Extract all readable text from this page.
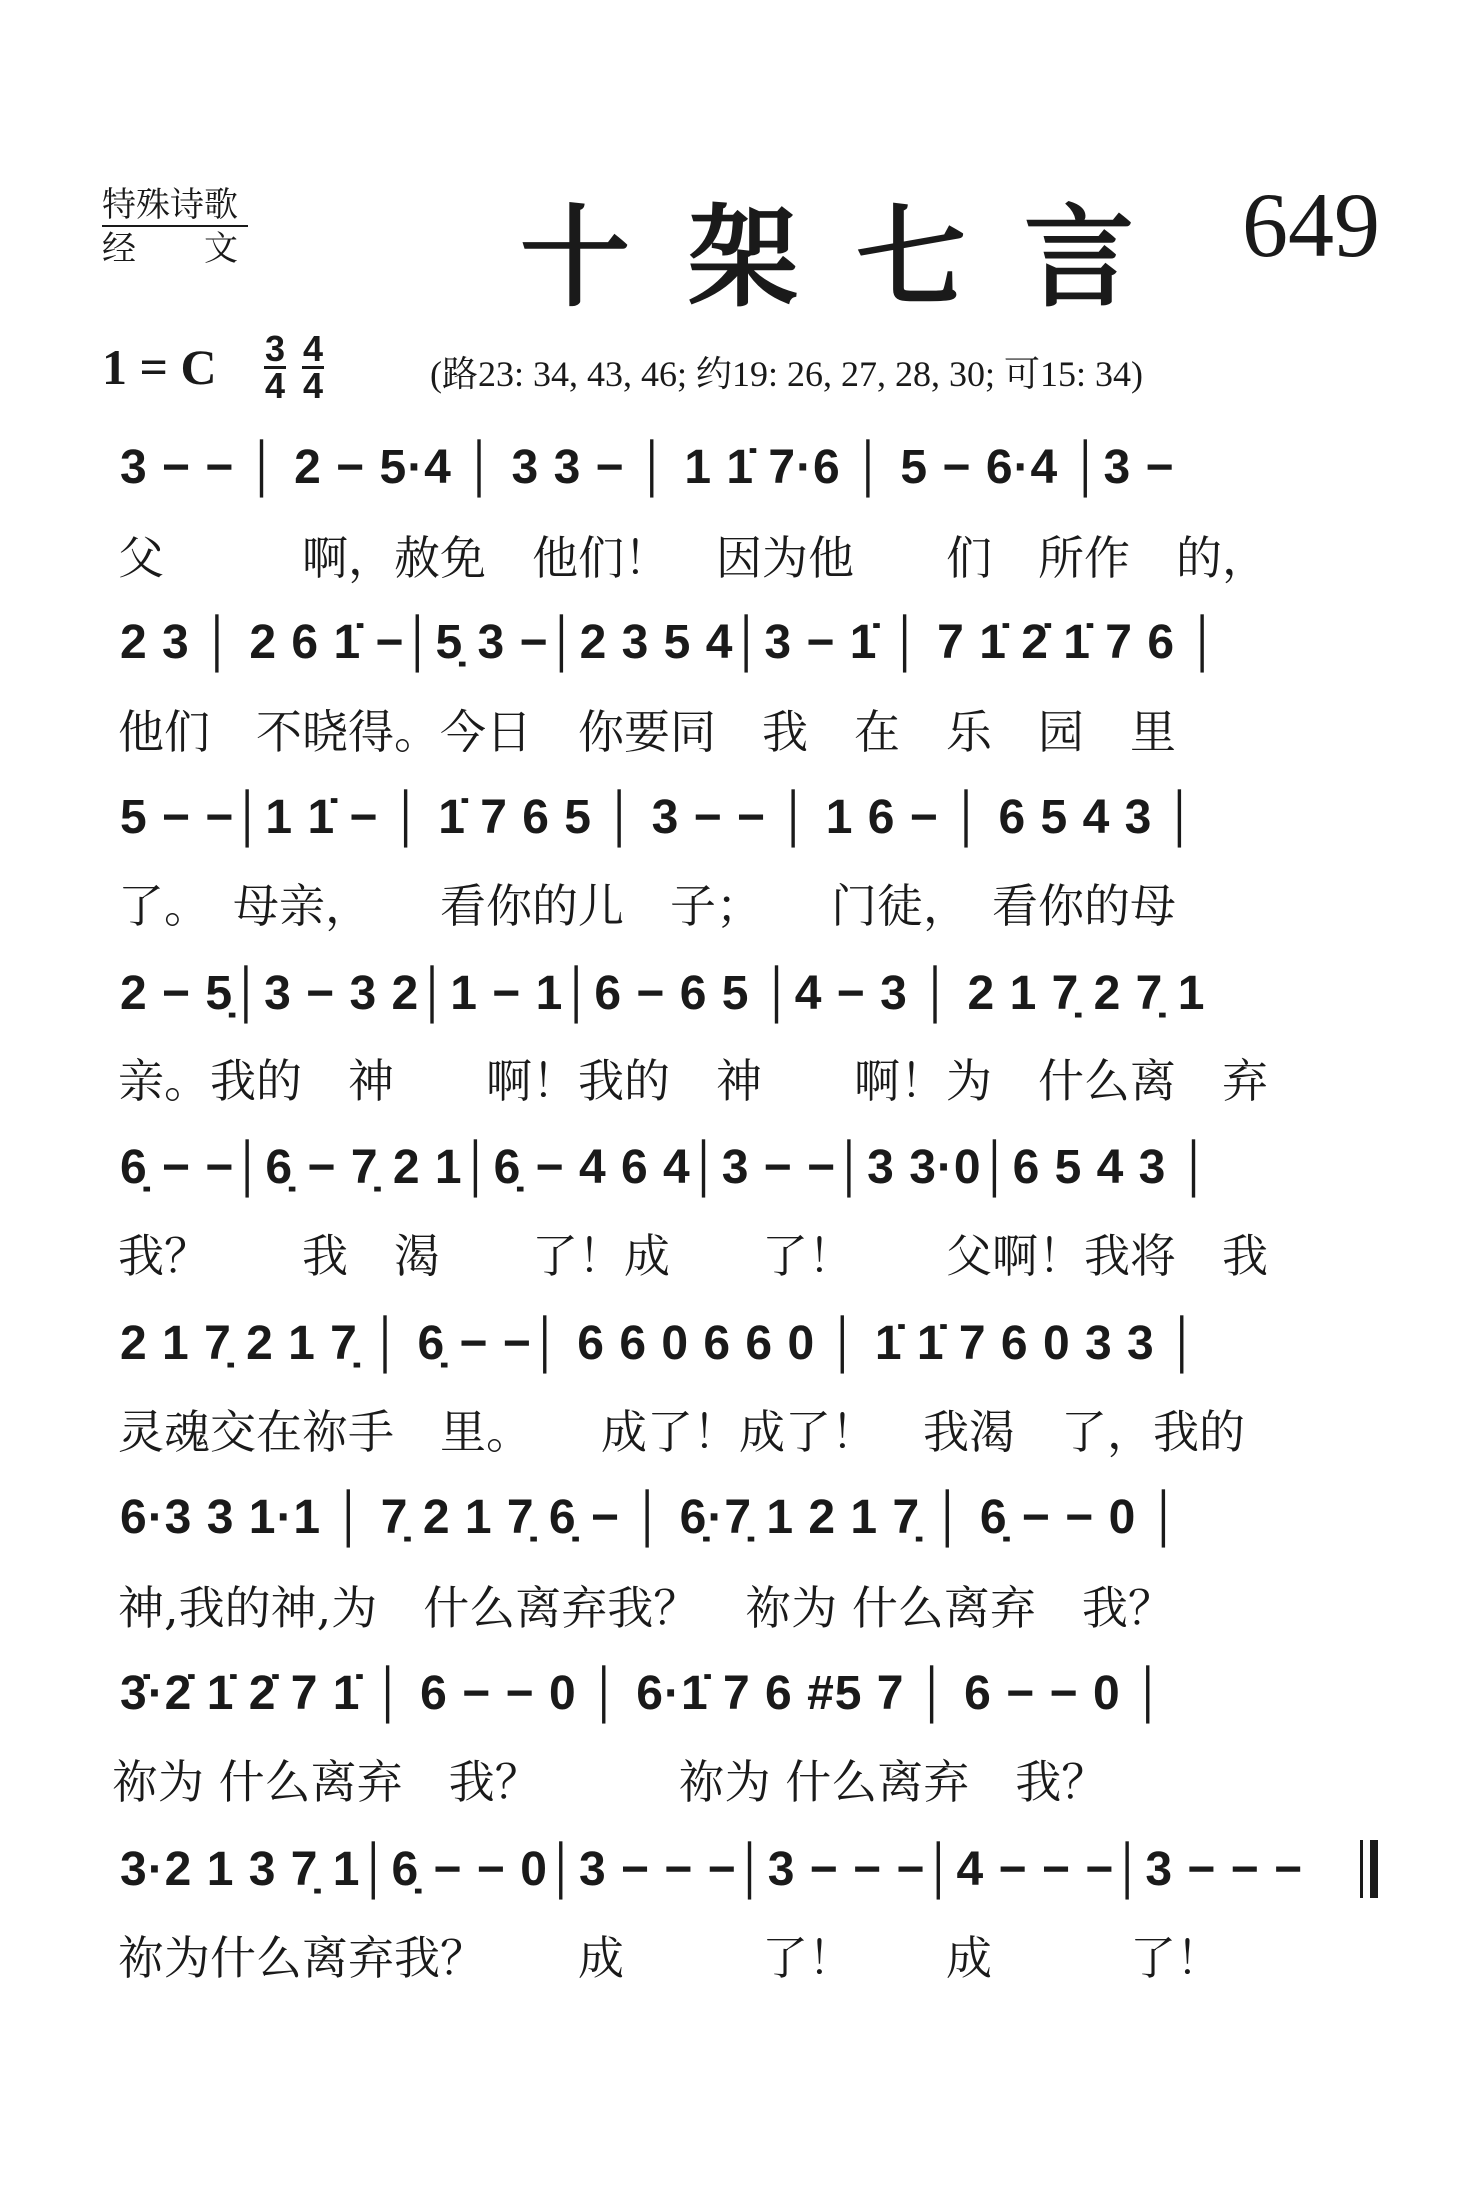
特殊诗歌
经　　文	十架七言 649
1 = C 3
4
4
4	(路23: 34, 43, 46; 约19: 26, 27, 28, 30; 可15: 34)
3 − − │ 2 − 5·4 │ 3 3 − │ 1 1̇ 7·6 │ 5 − 6·4 │3 −
父　　　啊，赦免　他们！　因为他　　们　所作　的，
2 3 │ 2 6 1̇ −│5̣ 3 −│2 3 5 4│3 − 1̇ │ 7 1̇ 2̇ 1̇ 7 6 │
他们　不晓得。今日　你要同　我　在　乐　园　里
5 − −│1 1̇ − │ 1̇ 7 6 5 │ 3 − − │ 1 6 − │ 6 5 4 3 │
了。　母亲，　　看你的儿　子；　　门徒，　看你的母
2 − 5̣│3 − 3 2│1 − 1│6 − 6 5 │4 − 3 │ 2 1 7̣ 2 7̣ 1
亲。我的　神　　啊！我的　神　　啊！为　什么离　弃
6̣ − −│6̣ − 7̣ 2 1│6̣ − 4 6 4│3 − −│3 3·0│6 5 4 3 │
我？　　我　渴　　了！成　　了！　　父啊！我将　我
2 1 7̣ 2 1 7̣ │ 6̣ − −│ 6 6 0 6 6 0 │ 1̇ 1̇ 7 6 0 3 3 │
灵魂交在祢手　里。　　成了！成了！　我渴　了，我的
6·3 3 1·1 │ 7̣ 2 1 7̣ 6̣ − │ 6̣·7̣ 1 2 1 7̣ │ 6̣ − − 0 │
神,我的神,为　什么离弃我？　祢为 什么离弃　我？
3̇·2̇ 1̇ 2̇ 7 1̇ │ 6 − − 0 │ 6·1̇ 7 6 #5 7 │ 6 − − 0 │
祢为 什么离弃　我？　　　祢为 什么离弃　我？
3·2 1 3 7̣ 1│6̣ − − 0│3 − − −│3 − − −│4 − − −│3 − − −
祢为什么离弃我？　　成　　　了！　　成　　　了！
